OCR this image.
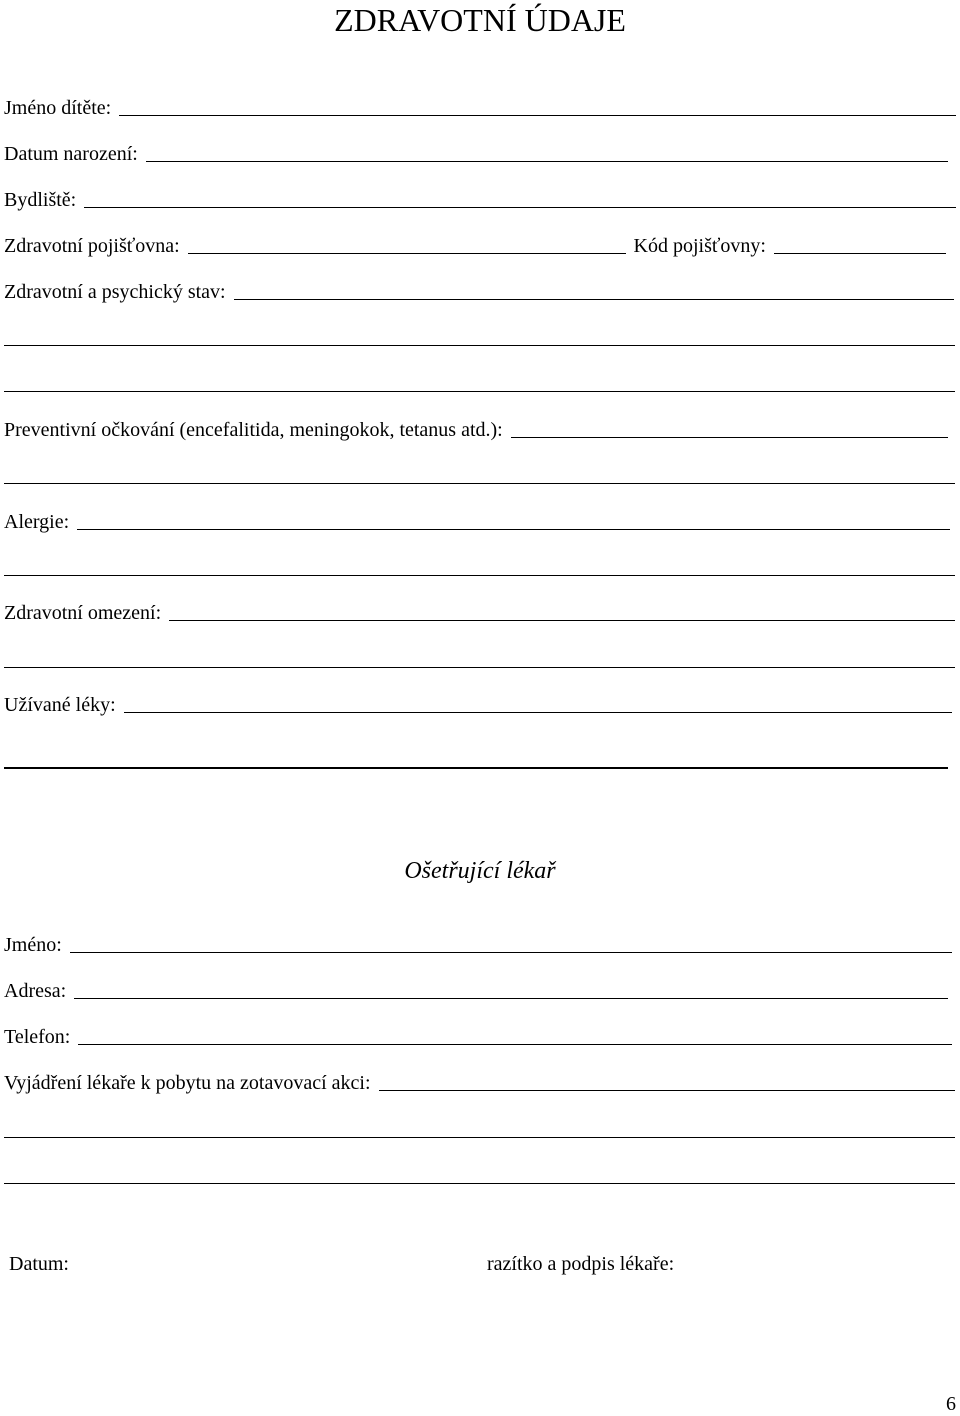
ZDRAVOTNÍ ÚDAJE
Jméno dítěte:
Datum narození:
Bydliště:
Zdravotní pojišťovna:	Kód pojišťovny:
Zdravotní a psychický stav:
Preventivní očkování (encefalitida, meningokok, tetanus atd.):
Alergie:
Zdravotní omezení:
Užívané léky:
Ošetřující lékař
Jméno:
Adresa:
Telefon:
Vyjádření lékaře k pobytu na zotavovací akci:
Datum:	razítko a podpis lékaře:
6
